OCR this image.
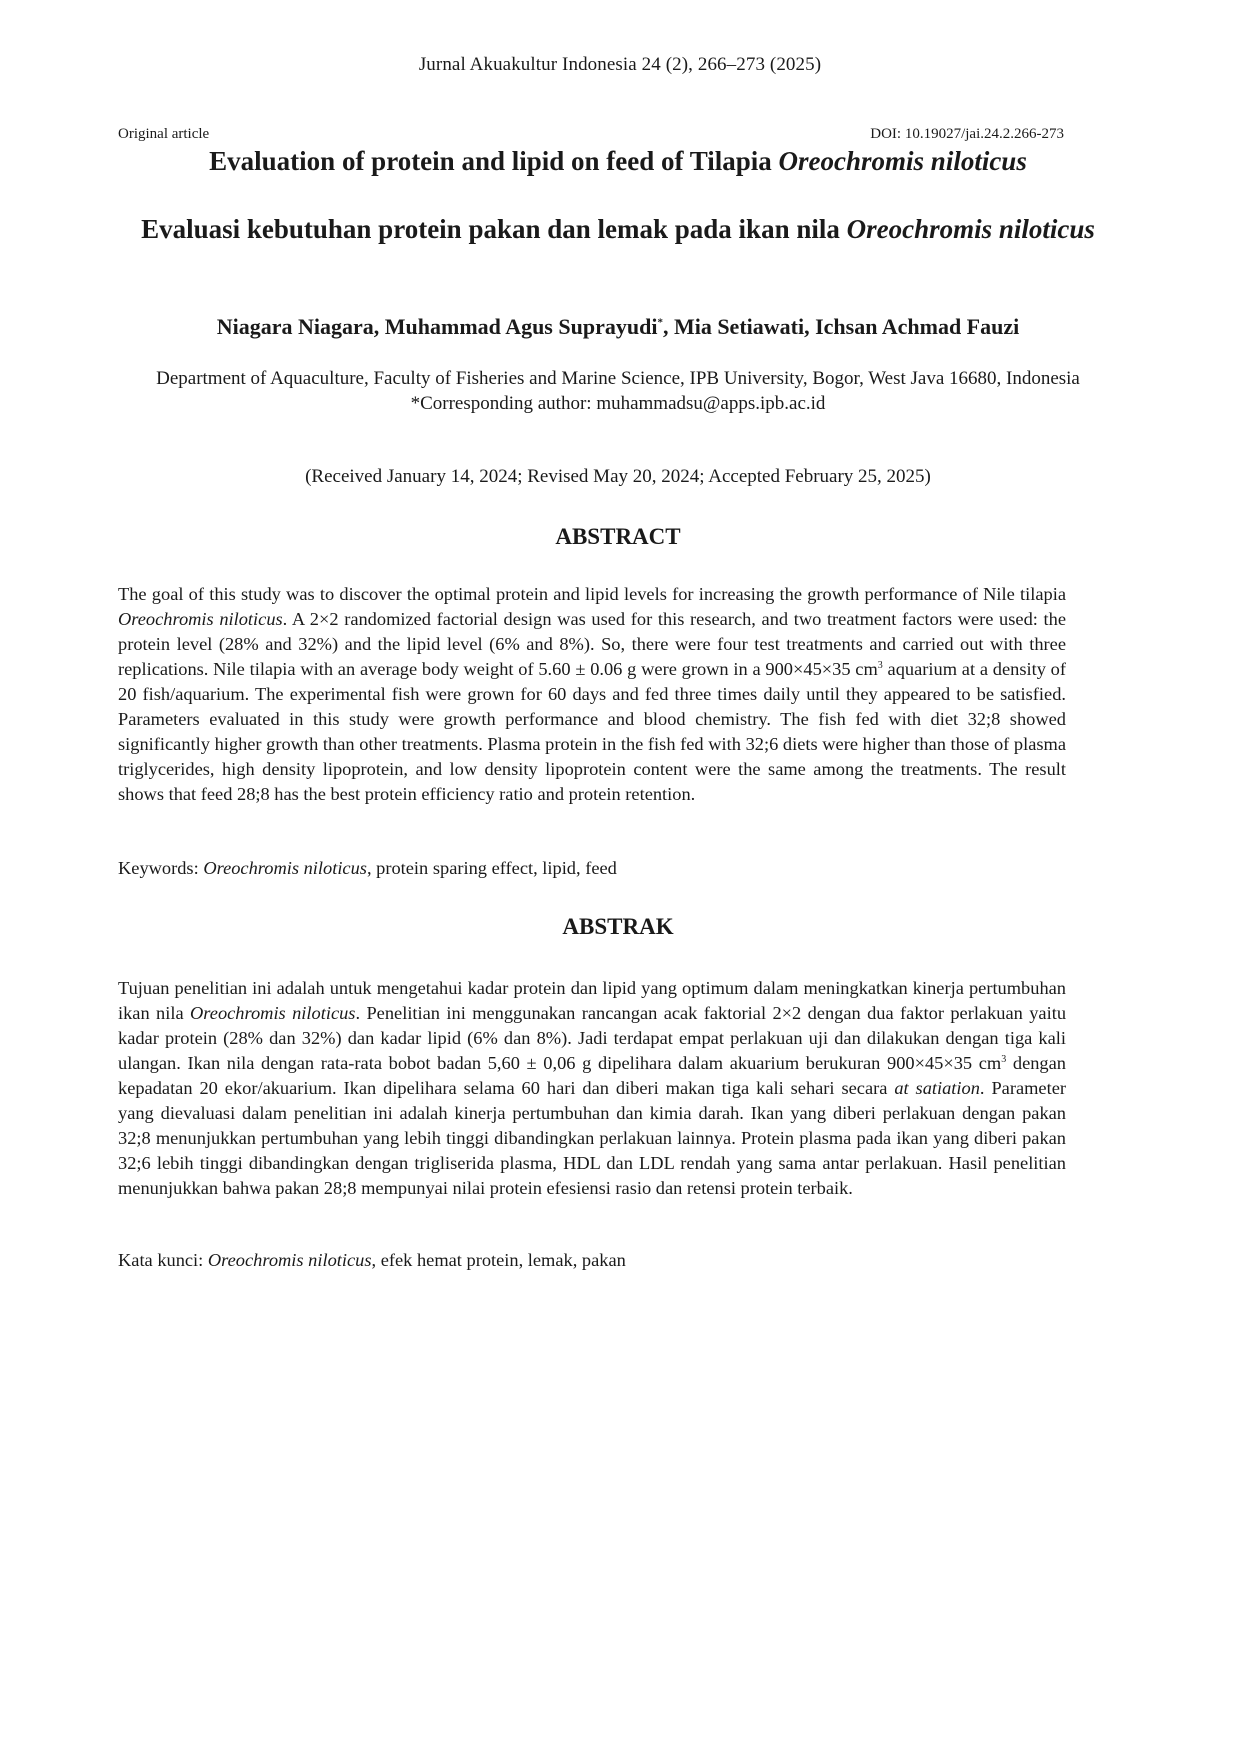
Jurnal Akuakultur Indonesia 24 (2), 266–273 (2025)
Original article	DOI: 10.19027/jai.24.2.266-273
Evaluation of protein and lipid on feed of Tilapia Oreochromis niloticus
Evaluasi kebutuhan protein pakan dan lemak pada ikan nila Oreochromis niloticus
Niagara Niagara, Muhammad Agus Suprayudi*, Mia Setiawati, Ichsan Achmad Fauzi
Department of Aquaculture, Faculty of Fisheries and Marine Science, IPB University, Bogor, West Java 16680, Indonesia
*Corresponding author: muhammadsu@apps.ipb.ac.id
(Received January 14, 2024; Revised May 20, 2024; Accepted February 25, 2025)
ABSTRACT
The goal of this study was to discover the optimal protein and lipid levels for increasing the growth performance of Nile tilapia Oreochromis niloticus. A 2×2 randomized factorial design was used for this research, and two treatment factors were used: the protein level (28% and 32%) and the lipid level (6% and 8%). So, there were four test treatments and carried out with three replications. Nile tilapia with an average body weight of 5.60 ± 0.06 g were grown in a 900×45×35 $cm^3$ aquarium at a density of 20 fish/aquarium. The experimental fish were grown for 60 days and fed three times daily until they appeared to be satisfied. Parameters evaluated in this study were growth performance and blood chemistry. The fish fed with diet 32;8 showed significantly higher growth than other treatments. Plasma protein in the fish fed with 32;6 diets were higher than those of plasma triglycerides, high density lipoprotein, and low density lipoprotein content were the same among the treatments. The result shows that feed 28;8 has the best protein efficiency ratio and protein retention.
Keywords: Oreochromis niloticus, protein sparing effect, lipid, feed
ABSTRAK
Tujuan penelitian ini adalah untuk mengetahui kadar protein dan lipid yang optimum dalam meningkatkan kinerja pertumbuhan ikan nila Oreochromis niloticus. Penelitian ini menggunakan rancangan acak faktorial 2×2 dengan dua faktor perlakuan yaitu kadar protein (28% dan 32%) dan kadar lipid (6% dan 8%). Jadi terdapat empat perlakuan uji dan dilakukan dengan tiga kali ulangan. Ikan nila dengan rata-rata bobot badan 5,60 ± 0,06 g dipelihara dalam akuarium berukuran 900×45×35 $cm^3$ dengan kepadatan 20 ekor/akuarium. Ikan dipelihara selama 60 hari dan diberi makan tiga kali sehari secara at satiation. Parameter yang dievaluasi dalam penelitian ini adalah kinerja pertumbuhan dan kimia darah. Ikan yang diberi perlakuan dengan pakan 32;8 menunjukkan pertumbuhan yang lebih tinggi dibandingkan perlakuan lainnya. Protein plasma pada ikan yang diberi pakan 32;6 lebih tinggi dibandingkan dengan trigliserida plasma, HDL dan LDL rendah yang sama antar perlakuan. Hasil penelitian menunjukkan bahwa pakan 28;8 mempunyai nilai protein efesiensi rasio dan retensi protein terbaik.
Kata kunci: Oreochromis niloticus, efek hemat protein, lemak, pakan
